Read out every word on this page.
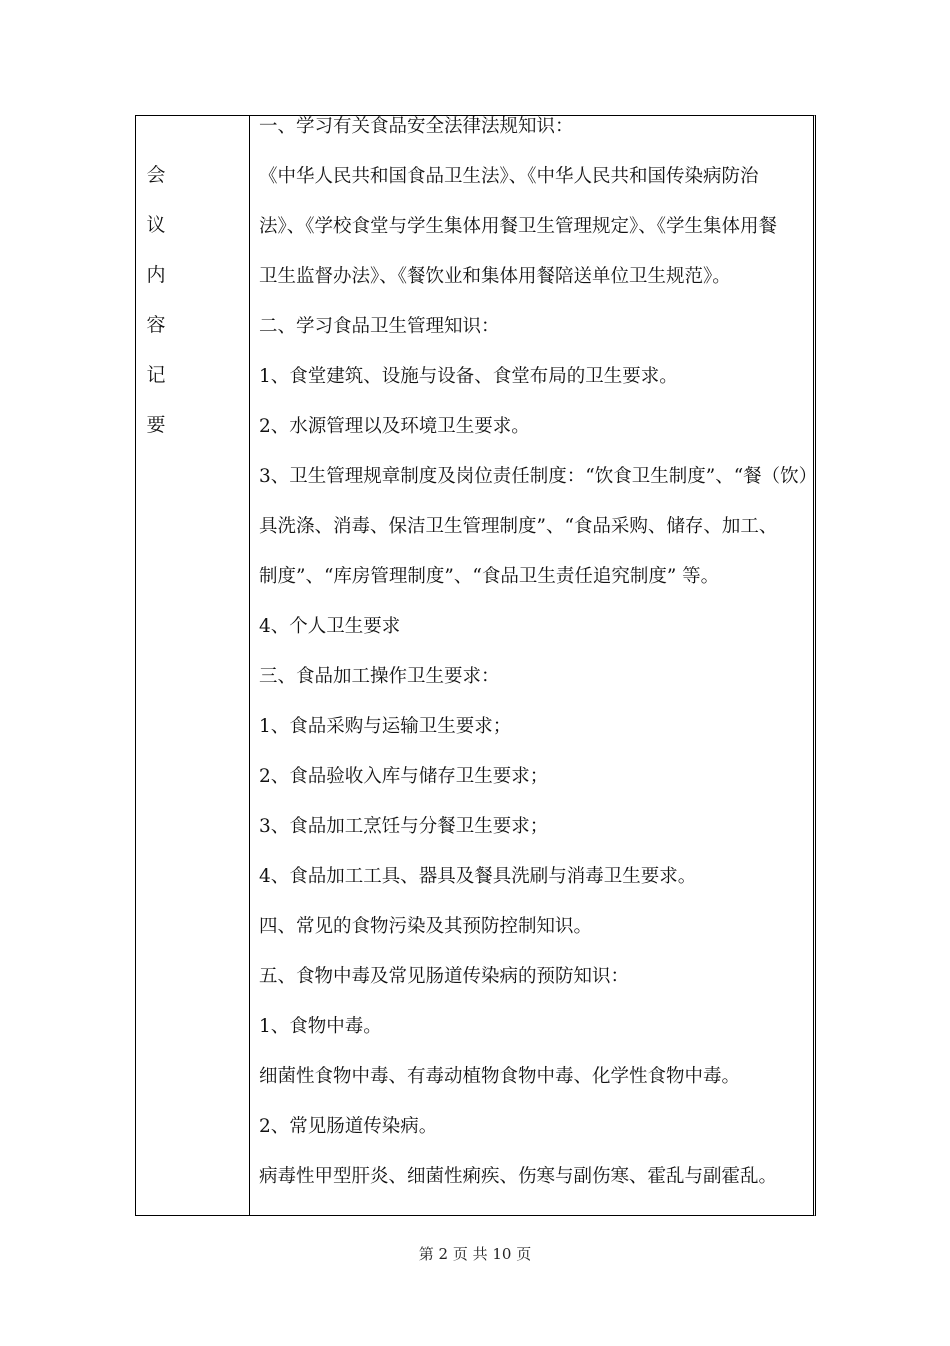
会
议
内
容
记
要
一、学习有关食品安全法律法规知识：
《中华人民共和国食品卫生法》、《中华人民共和国传染病防治
法》、《学校食堂与学生集体用餐卫生管理规定》、《学生集体用餐
卫生监督办法》、《餐饮业和集体用餐陪送单位卫生规范》。
二、学习食品卫生管理知识：
1、食堂建筑、设施与设备、食堂布局的卫生要求。
2、水源管理以及环境卫生要求。
3、卫生管理规章制度及岗位责任制度：“饮食卫生制度”、“餐（饮）
具洗涤、消毒、保洁卫生管理制度”、“食品采购、储存、加工、
制度”、“库房管理制度”、“食品卫生责任追究制度” 等。
4、个人卫生要求
三、食品加工操作卫生要求：
1、食品采购与运输卫生要求；
2、食品验收入库与储存卫生要求；
3、食品加工烹饪与分餐卫生要求；
4、食品加工工具、器具及餐具洗刷与消毒卫生要求。
四、常见的食物污染及其预防控制知识。
五、食物中毒及常见肠道传染病的预防知识：
1、食物中毒。
细菌性食物中毒、有毒动植物食物中毒、化学性食物中毒。
2、常见肠道传染病。
病毒性甲型肝炎、细菌性痢疾、伤寒与副伤寒、霍乱与副霍乱。
第 2 页 共 10 页
